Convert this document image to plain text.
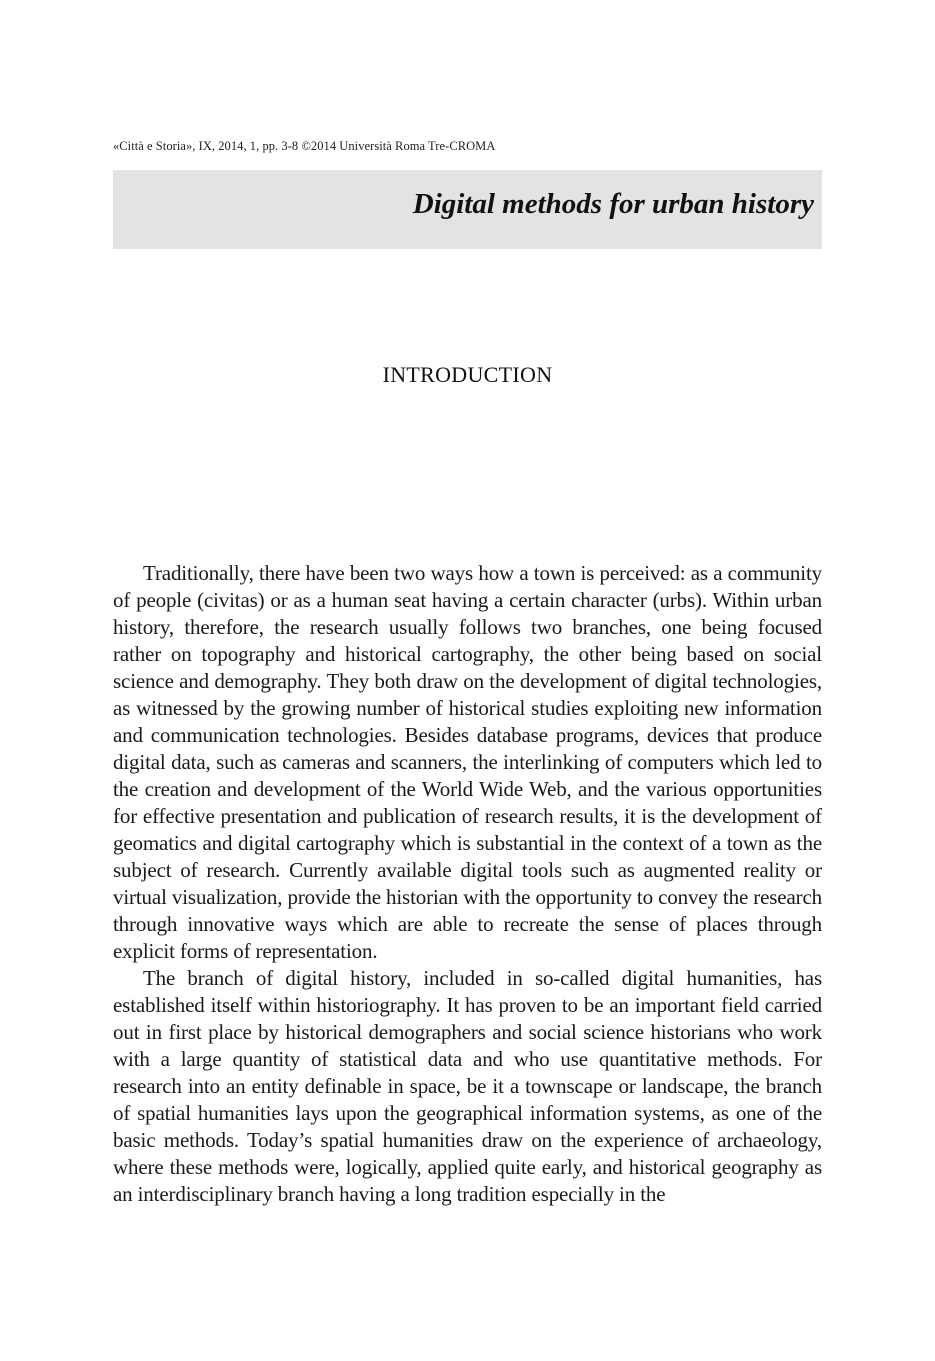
«Città e Storia», IX, 2014, 1, pp. 3-8 ©2014 Università Roma Tre-CROMA
Digital methods for urban history
INTRODUCTION

Traditionally, there have been two ways how a town is perceived: as a community of people (civitas) or as a human seat having a certain character (urbs). Within urban history, therefore, the research usually follows two branches, one being focused rather on topography and historical cartography, the other being based on social science and demography. They both draw on the development of digital technologies, as witnessed by the growing number of historical studies exploiting new information and communication technologies. Besides database programs, devices that produce digital data, such as cameras and scanners, the interlinking of computers which led to the creation and development of the World Wide Web, and the various opportunities for effective presentation and publication of research results, it is the development of geomatics and digital cartography which is substantial in the context of a town as the subject of research. Currently available digital tools such as augmented reality or virtual visualization, provide the historian with the opportunity to convey the research through innovative ways which are able to recreate the sense of places through explicit forms of representation.

The branch of digital history, included in so-called digital humanities, has established itself within historiography. It has proven to be an important field carried out in first place by historical demographers and social science historians who work with a large quantity of statistical data and who use quantitative methods. For research into an entity definable in space, be it a townscape or landscape, the branch of spatial humanities lays upon the geographical information systems, as one of the basic methods. Today’s spatial humanities draw on the experience of archaeology, where these methods were, logically, applied quite early, and historical geography as an interdisciplinary branch having a long tradition especially in the
